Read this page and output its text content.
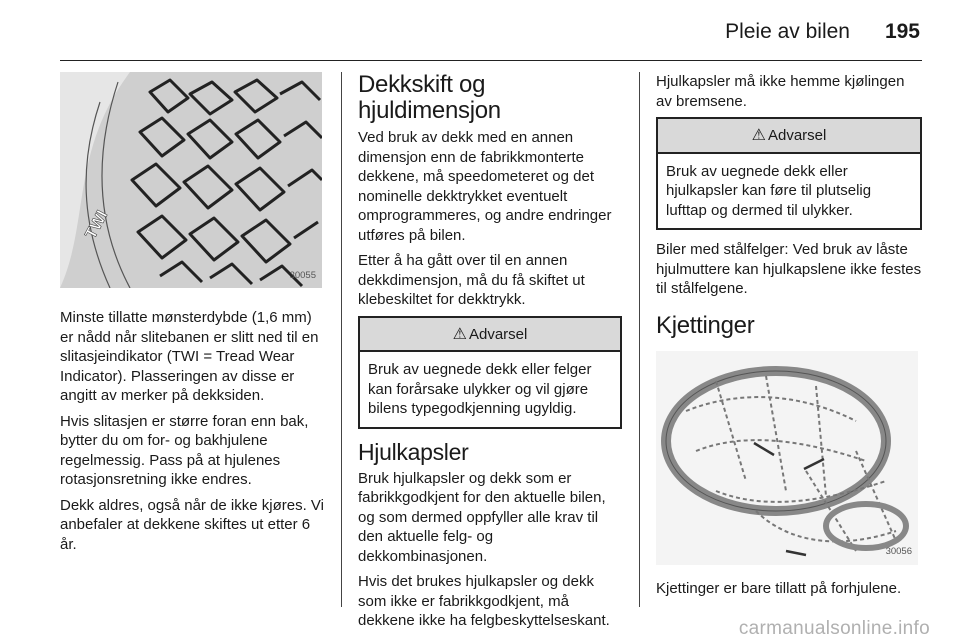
Pleie av bilen 195
TWI
30055

Minste tillatte mønsterdybde (1,6 mm) er nådd når slitebanen er slitt ned til en slitasjeindikator (TWI = Tread Wear Indicator). Plasseringen av disse er angitt av merker på dekksiden.

Hvis slitasjen er større foran enn bak, bytter du om for- og bakhjulene regelmessig. Pass på at hjulenes rotasjonsretning ikke endres.

Dekk aldres, også når de ikke kjøres. Vi anbefaler at dekkene skiftes ut etter 6 år.

Dekkskift og hjuldimensjon

Ved bruk av dekk med en annen dimensjon enn de fabrikkmonterte dekkene, må speedometeret og det nominelle dekktrykket eventuelt omprogrammeres, og andre endringer utføres på bilen.

Etter å ha gått over til en annen dekkdimensjon, må du få skiftet ut klebeskiltet for dekktrykk.

⚠ Advarsel
Bruk av uegnede dekk eller felger kan forårsake ulykker og vil gjøre bilens typegodkjenning ugyldig.
Hjulkapsler

Bruk hjulkapsler og dekk som er fabrikkgodkjent for den aktuelle bilen, og som dermed oppfyller alle krav til den aktuelle felg- og dekkombinasjonen.

Hvis det brukes hjulkapsler og dekk som ikke er fabrikkgodkjent, må dekkene ikke ha felgbeskyttelseskant.

Hjulkapsler må ikke hemme kjølingen av bremsene.

⚠ Advarsel
Bruk av uegnede dekk eller hjulkapsler kan føre til plutselig lufttap og dermed til ulykker.

Biler med stålfelger: Ved bruk av låste hjulmuttere kan hjulkapslene ikke festes til stålfelgene.

Kjettinger
30056

Kjettinger er bare tillatt på forhjulene.

carmanualsonline.info
